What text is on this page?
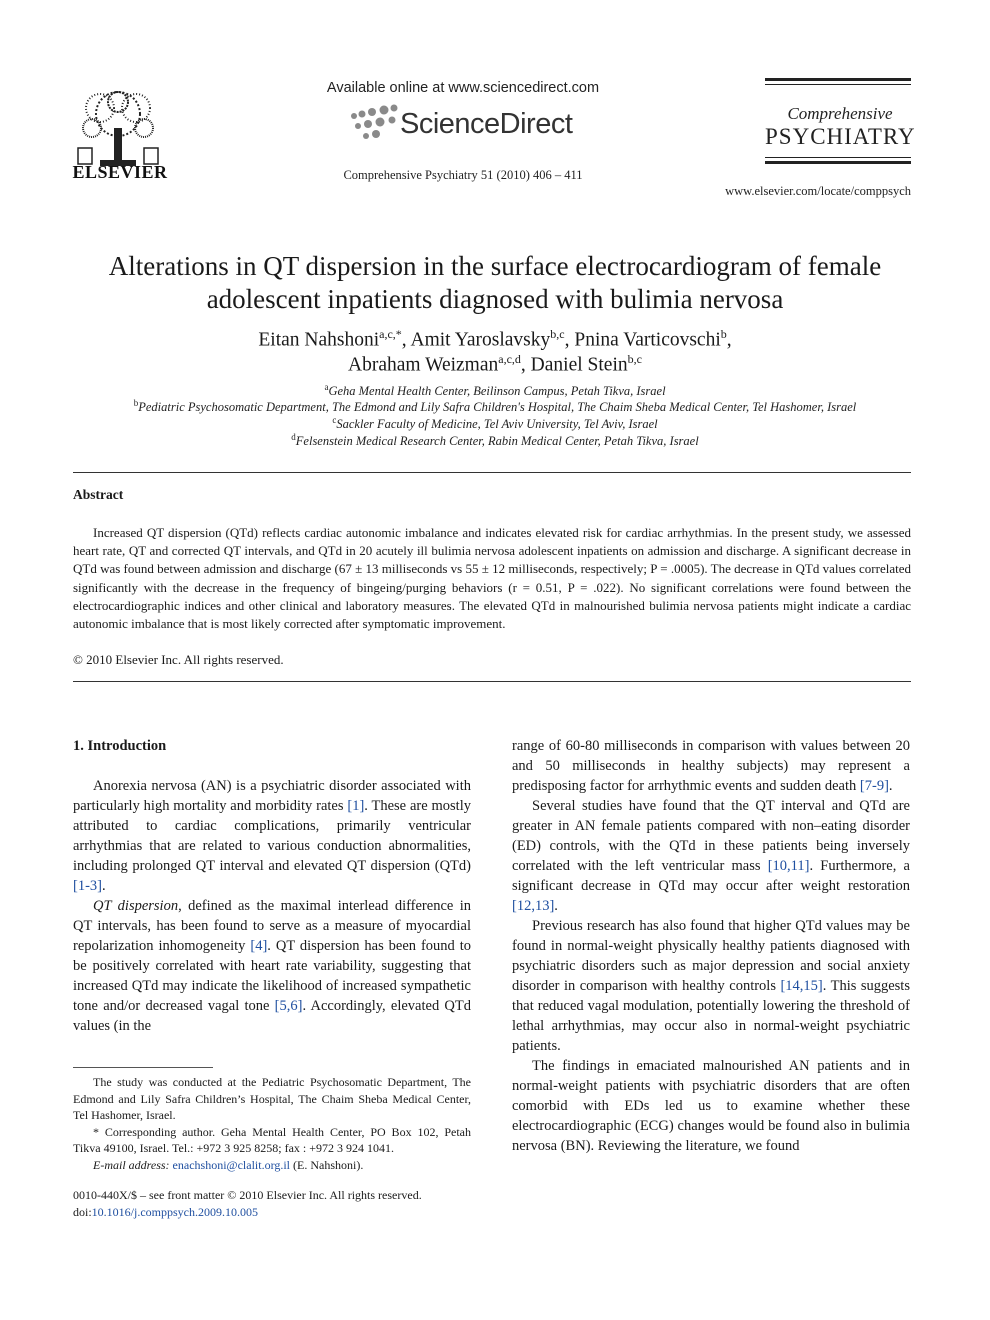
ELSEVIER
Available online at www.sciencedirect.com
ScienceDirect
Comprehensive Psychiatry 51 (2010) 406 – 411
Comprehensive
PSYCHIATRY
www.elsevier.com/locate/comppsych
Alterations in QT dispersion in the surface electrocardiogram of female
adolescent inpatients diagnosed with bulimia nervosa
Eitan Nahshoni$^{a,c,*}$, Amit Yaroslavsky$^{b,c}$, Pnina Varticovschi$^b$,
Abraham Weizman$^{a,c,d}$, Daniel Stein$^{b,c}$
$^a$Geha Mental Health Center, Beilinson Campus, Petah Tikva, Israel
$^b$Pediatric Psychosomatic Department, The Edmond and Lily Safra Children's Hospital, The Chaim Sheba Medical Center, Tel Hashomer, Israel
$^c$Sackler Faculty of Medicine, Tel Aviv University, Tel Aviv, Israel
$^d$Felsenstein Medical Research Center, Rabin Medical Center, Petah Tikva, Israel
Abstract
Increased QT dispersion (QTd) reflects cardiac autonomic imbalance and indicates elevated risk for cardiac arrhythmias. In the present study, we assessed heart rate, QT and corrected QT intervals, and QTd in 20 acutely ill bulimia nervosa adolescent inpatients on admission and discharge. A significant decrease in QTd was found between admission and discharge (67 ± 13 milliseconds vs 55 ± 12 milliseconds, respectively; P = .0005). The decrease in QTd values correlated significantly with the decrease in the frequency of bingeing/purging behaviors (r = 0.51, P = .022). No significant correlations were found between the electrocardiographic indices and other clinical and laboratory measures. The elevated QTd in malnourished bulimia nervosa patients might indicate a cardiac autonomic imbalance that is most likely corrected after symptomatic improvement.
© 2010 Elsevier Inc. All rights reserved.

1. Introduction

Anorexia nervosa (AN) is a psychiatric disorder associated with particularly high mortality and morbidity rates [1]. These are mostly attributed to cardiac complications, primarily ventricular arrhythmias that are related to various conduction abnormalities, including prolonged QT interval and elevated QT dispersion (QTd) [1-3].

QT dispersion, defined as the maximal interlead difference in QT intervals, has been found to serve as a measure of myocardial repolarization inhomogeneity [4]. QT dispersion has been found to be positively correlated with heart rate variability, suggesting that increased QTd may indicate the likelihood of increased sympathetic tone and/or decreased vagal tone [5,6]. Accordingly, elevated QTd values (in the

range of 60-80 milliseconds in comparison with values between 20 and 50 milliseconds in healthy subjects) may represent a predisposing factor for arrhythmic events and sudden death [7-9].

Several studies have found that the QT interval and QTd are greater in AN female patients compared with non–eating disorder (ED) controls, with the QTd in these patients being inversely correlated with the left ventricular mass [10,11]. Furthermore, a significant decrease in QTd may occur after weight restoration [12,13].

Previous research has also found that higher QTd values may be found in normal-weight physically healthy patients diagnosed with psychiatric disorders such as major depression and social anxiety disorder in comparison with healthy controls [14,15]. This suggests that reduced vagal modulation, potentially lowering the threshold of lethal arrhythmias, may occur also in normal-weight psychiatric patients.

The findings in emaciated malnourished AN patients and in normal-weight patients with psychiatric disorders that are often comorbid with EDs led us to examine whether these electrocardiographic (ECG) changes would be found also in bulimia nervosa (BN). Reviewing the literature, we found

The study was conducted at the Pediatric Psychosomatic Department, The Edmond and Lily Safra Children’s Hospital, The Chaim Sheba Medical Center, Tel Hashomer, Israel.

* Corresponding author. Geha Mental Health Center, PO Box 102, Petah Tikva 49100, Israel. Tel.: +972 3 925 8258; fax : +972 3 924 1041.

E-mail address: enachshoni@clalit.org.il (E. Nahshoni).

0010-440X/$ – see front matter © 2010 Elsevier Inc. All rights reserved.
doi:10.1016/j.comppsych.2009.10.005
